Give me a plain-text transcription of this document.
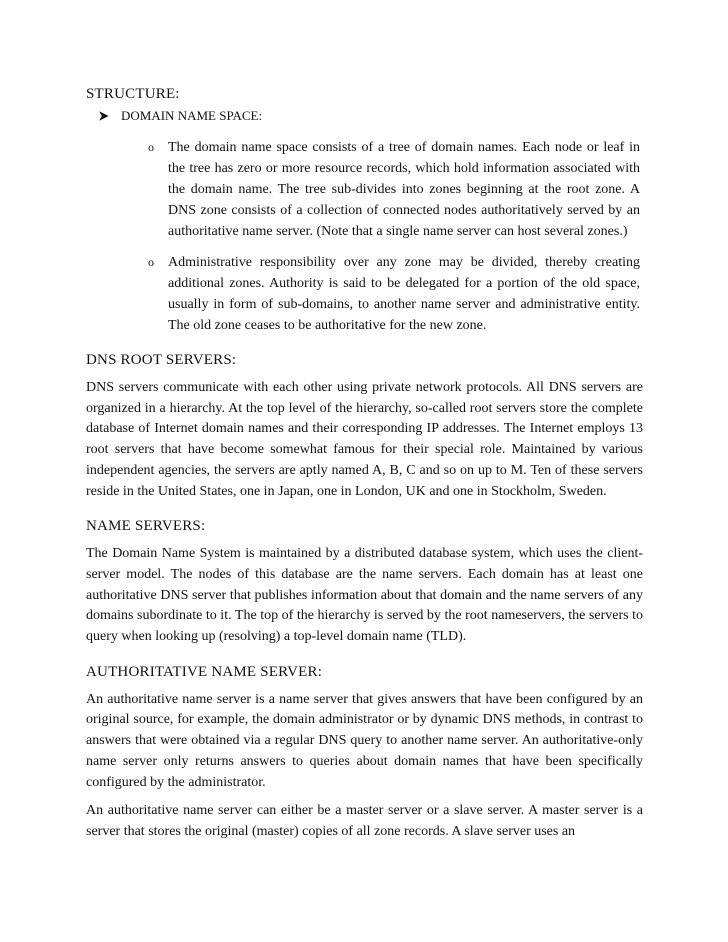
STRUCTURE:
DOMAIN NAME SPACE:
o	The domain name space consists of a tree of domain names. Each node or leaf in the tree has zero or more resource records, which hold information associated with the domain name. The tree sub-divides into zones beginning at the root zone. A DNS zone consists of a collection of connected nodes authoritatively served by an authoritative name server. (Note that a single name server can host several zones.)

o	Administrative responsibility over any zone may be divided, thereby creating additional zones. Authority is said to be delegated for a portion of the old space, usually in form of sub-domains, to another name server and administrative entity. The old zone ceases to be authoritative for the new zone.

DNS ROOT SERVERS:

DNS servers communicate with each other using private network protocols. All DNS servers are organized in a hierarchy. At the top level of the hierarchy, so-called root servers store the complete database of Internet domain names and their corresponding IP addresses. The Internet employs 13 root servers that have become somewhat famous for their special role. Maintained by various independent agencies, the servers are aptly named A, B, C and so on up to M. Ten of these servers reside in the United States, one in Japan, one in London, UK and one in Stockholm, Sweden.

NAME SERVERS:

The Domain Name System is maintained by a distributed database system, which uses the client-server model. The nodes of this database are the name servers. Each domain has at least one authoritative DNS server that publishes information about that domain and the name servers of any domains subordinate to it. The top of the hierarchy is served by the root nameservers, the servers to query when looking up (resolving) a top-level domain name (TLD).

AUTHORITATIVE NAME SERVER:

An authoritative name server is a name server that gives answers that have been configured by an original source, for example, the domain administrator or by dynamic DNS methods, in contrast to answers that were obtained via a regular DNS query to another name server. An authoritative-only name server only returns answers to queries about domain names that have been specifically configured by the administrator.

An authoritative name server can either be a master server or a slave server. A master server is a server that stores the original (master) copies of all zone records. A slave server uses an
